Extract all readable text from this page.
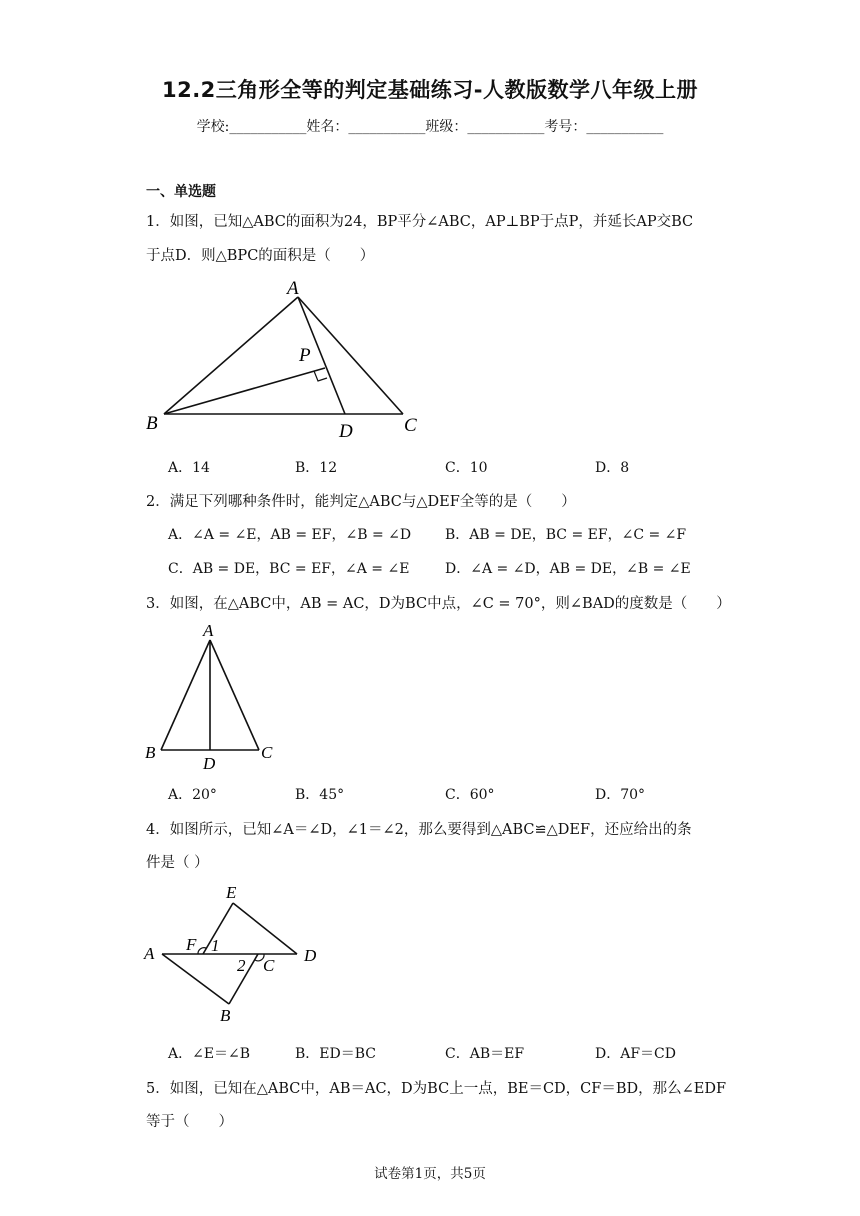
12.2三角形全等的判定基础练习-人教版数学八年级上册
学校:___________姓名：___________班级：___________考号：___________
一、单选题
1．如图，已知△ABC的面积为24，BP平分∠ABC，AP⊥BP于点P，并延长AP交BC
于点D．则△BPC的面积是（　　）
A
B	C
D
P
A．14	B．12	C．10	D．8
2．满足下列哪种条件时，能判定△ABC与△DEF全等的是（　　）
A．∠A = ∠E，AB = EF，∠B = ∠D B．AB = DE，BC = EF，∠C = ∠F
C．AB = DE，BC = EF，∠A = ∠E	D．∠A = ∠D，AB = DE，∠B = ∠E
3．如图，在△ABC中，AB = AC，D为BC中点，∠C = 70°，则∠BAD的度数是（　　）
A
B	C
D
A．20°	B．45°	C．60°	D．70°
4．如图所示，已知∠A＝∠D，∠1＝∠2，那么要得到△ABC≌△DEF，还应给出的条
件是（ ）
E
A F 1
2 C
D
B
A．∠E＝∠B	B．ED＝BC	C．AB＝EF	D．AF＝CD
5．如图，已知在△ABC中，AB＝AC，D为BC上一点，BE＝CD，CF＝BD，那么∠EDF
等于（　　）
试卷第1页，共5页
